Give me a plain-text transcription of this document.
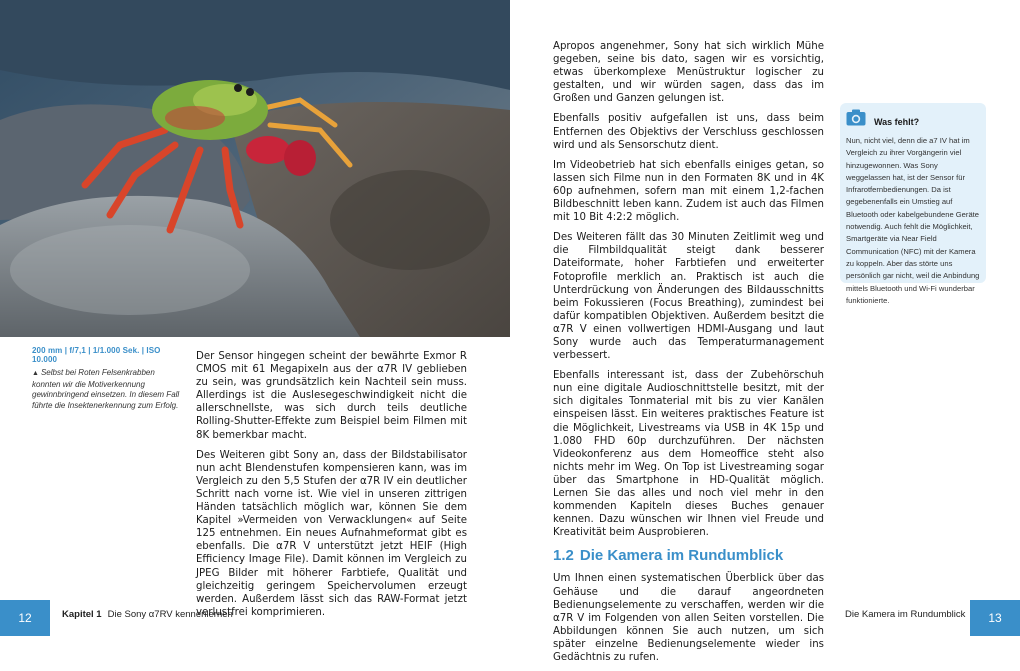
200 mm | f/7,1 | 1/1.000 Sek. | ISO 10.000
▲ Selbst bei Roten Felsenkrabben konnten wir die Motiverkennung gewinnbringend einsetzen. In diesem Fall führte die Insektenerkennung zum Erfolg.

Der Sensor hingegen scheint der bewährte Exmor R CMOS mit 61 Megapixeln aus der α7R IV geblieben zu sein, was grundsätzlich kein Nachteil sein muss. Allerdings ist die Auslesegeschwindigkeit nicht die allerschnellste, was sich durch teils deutliche Rolling-Shutter-Effekte zum Beispiel beim Filmen mit 8K bemerkbar macht.

Des Weiteren gibt Sony an, dass der Bildstabilisator nun acht Blendenstufen kompensieren kann, was im Vergleich zu den 5,5 Stufen der α7R IV ein deutlicher Schritt nach vorne ist. Wie viel in unseren zittrigen Händen tatsächlich möglich war, können Sie dem Kapitel »Vermeiden von Verwacklungen« auf Seite 125 entnehmen. Ein neues Aufnahmeformat gibt es ebenfalls. Die α7R V unterstützt jetzt HEIF (High Efficiency Image File). Damit können im Vergleich zu JPEG Bilder mit höherer Farbtiefe, Qualität und gleichzeitig geringem Speichervolumen erzeugt werden. Außerdem lässt sich das RAW-Format jetzt verlustfrei komprimieren.

Apropos angenehmer, Sony hat sich wirklich Mühe gegeben, seine bis dato, sagen wir es vorsichtig, etwas überkomplexe Menüstruktur logischer zu gestalten, und wir würden sagen, dass das im Großen und Ganzen gelungen ist.

Ebenfalls positiv aufgefallen ist uns, dass beim Entfernen des Objektivs der Verschluss geschlossen wird und als Sensorschutz dient.

Im Videobetrieb hat sich ebenfalls einiges getan, so lassen sich Filme nun in den Formaten 8K und in 4K 60p aufnehmen, sofern man mit einem 1,2-fachen Bildbeschnitt leben kann. Zudem ist auch das Filmen mit 10 Bit 4:2:2 möglich.

Des Weiteren fällt das 30 Minuten Zeitlimit weg und die Filmbildqualität steigt dank besserer Dateiformate, hoher Farbtiefen und erweiterter Fotoprofile merklich an. Praktisch ist auch die Unterdrückung von Änderungen des Bildausschnitts beim Fokussieren (Focus Breathing), zumindest bei dafür kompatiblen Objektiven. Außerdem besitzt die α7R V einen vollwertigen HDMI-Ausgang und laut Sony wurde auch das Temperaturmanagement verbessert.

Ebenfalls interessant ist, dass der Zubehörschuh nun eine digitale Audioschnittstelle besitzt, mit der sich digitales Tonmaterial mit bis zu vier Kanälen einspeisen lässt. Ein weiteres praktisches Feature ist die Möglichkeit, Livestreams via USB in 4K 15p und 1.080 FHD 60p durchzuführen. Der nächsten Videokonferenz aus dem Homeoffice steht also nichts mehr im Weg. On Top ist Livestreaming sogar über das Smartphone in HD-Qualität möglich. Lernen Sie das alles und noch viel mehr in den kommenden Kapiteln dieses Buches genauer kennen. Dazu wünschen wir Ihnen viel Freude und Kreativität beim Ausprobieren.

1.2 Die Kamera im Rundumblick

Um Ihnen einen systematischen Überblick über das Gehäuse und die darauf angeordneten Bedienungselemente zu verschaffen, werden wir die α7R V im Folgenden von allen Seiten vorstellen. Die Abbildungen können Sie auch nutzen, um sich später einzelne Bedienungselemente wieder ins Gedächtnis zu rufen.

Was fehlt?
Nun, nicht viel, denn die a7 IV hat im Vergleich zu ihrer Vorgängerin viel hinzugewonnen. Was Sony weggelassen hat, ist der Sensor für Infrarotfernbedienungen. Da ist gegebenenfalls ein Umstieg auf Bluetooth oder kabelgebundene Geräte notwendig. Auch fehlt die Möglichkeit, Smartgeräte via Near Field Communication (NFC) mit der Kamera zu koppeln. Aber das störte uns persönlich gar nicht, weil die Anbindung mittels Bluetooth und Wi-Fi wunderbar funktionierte.
12	Kapitel 1 Die Sony α7RV kennenlernen	Die Kamera im Rundumblick	13
